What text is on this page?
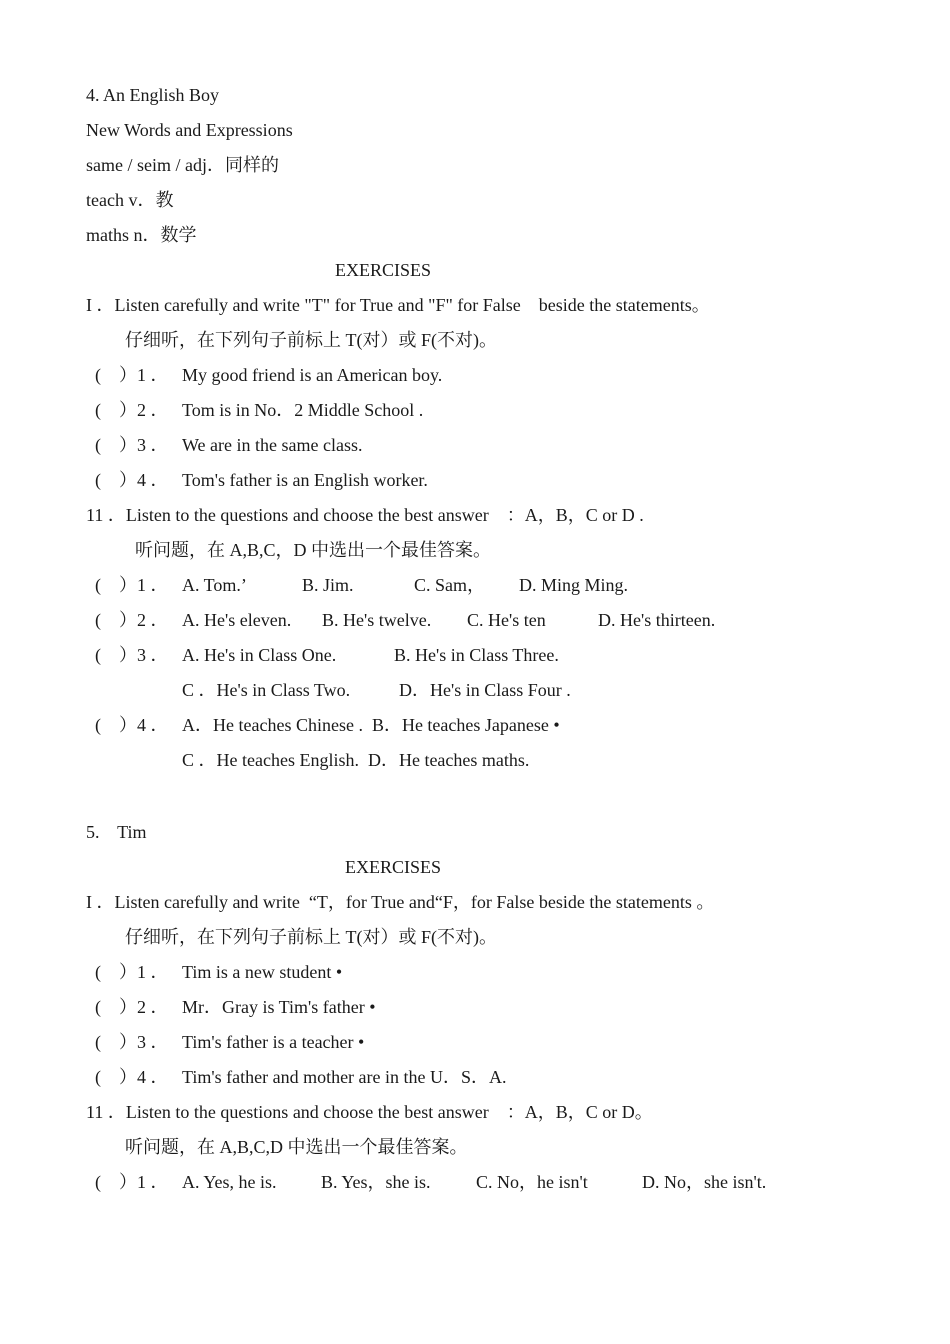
4. An English Boy
New Words and Expressions
same / seim / adj．同样的
teach v．教
maths n．数学
EXERCISES
I ．Listen carefully and write "T" for True and "F" for False    beside the statements。
仔细听，在下列句子前标上 T(对）或 F(不对)。
(    ）1 ． My good friend is an American boy.
(    ）2 ． Tom is in No．2 Middle School .
(    ）3 ． We are in the same class.
(    ）4 ． Tom's father is an English worker.
11 ．Listen to the questions and choose the best answer    ：A，B，C or D .
听问题，在 A,B,C，D 中选出一个最佳答案。
(    ）1 ． A. Tom.’	B. Jim.	C. Sam， D. Ming Ming.
(    ）2 ． A. He's eleven. B. He's twelve. C. He's ten	D. He's thirteen.
(    ）3 ． A. He's in Class One.	B. He's in Class Three.
C ．He's in Class Two.	D．He's in Class Four .
(    ）4 ． A．He teaches Chinese .  B．He teaches Japanese •
C ．He teaches English.  D．He teaches maths.
5.    Tim
EXERCISES
I ．Listen carefully and write  “T，for True and“F，for False beside the statements 。
仔细听，在下列句子前标上 T(对）或 F(不对)。
(    ）1 ． Tim is a new student •
(    ）2 ． Mr．Gray is Tim's father •
(    ）3 ． Tim's father is a teacher •
(    ）4 ． Tim's father and mother are in the U．S．A.
11 ．Listen to the questions and choose the best answer    ：A，B，C or D。
听问题，在 A,B,C,D 中选出一个最佳答案。
(    ）1 ． A. Yes, he is. B. Yes，she is.	C. No，he isn't	D. No，she isn't.
